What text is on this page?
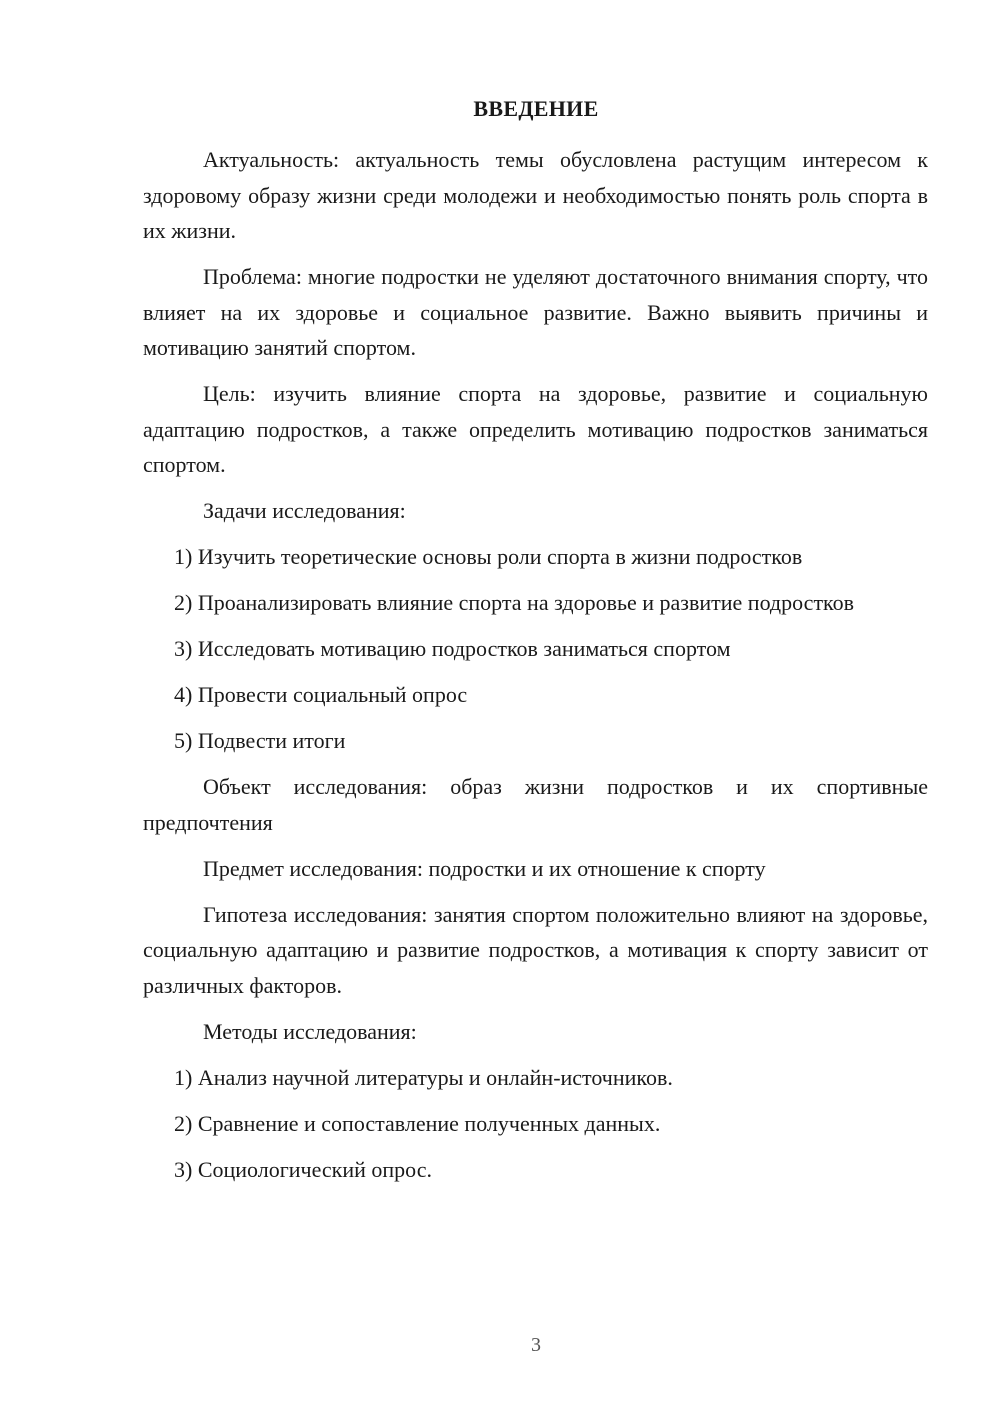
ВВЕДЕНИЕ

Актуальность: актуальность темы обусловлена растущим интересом к здоровому образу жизни среди молодежи и необходимостью понять роль спорта в их жизни.

Проблема: многие подростки не уделяют достаточного внимания спорту, что влияет на их здоровье и социальное развитие. Важно выявить причины и мотивацию занятий спортом.

Цель: изучить влияние спорта на здоровье, развитие и социальную адаптацию подростков, а также определить мотивацию подростков заниматься спортом.

Задачи исследования:

1) Изучить теоретические основы роли спорта в жизни подростков

2) Проанализировать влияние спорта на здоровье и развитие подростков

3) Исследовать мотивацию подростков заниматься спортом

4) Провести социальный опрос

5) Подвести итоги

Объект исследования: образ жизни подростков и их спортивные предпочтения

Предмет исследования: подростки и их отношение к спорту

Гипотеза исследования: занятия спортом положительно влияют на здоровье, социальную адаптацию и развитие подростков, а мотивация к спорту зависит от различных факторов.

Методы исследования:

1) Анализ научной литературы и онлайн-источников.

2) Сравнение и сопоставление полученных данных.

3) Социологический опрос.

3
